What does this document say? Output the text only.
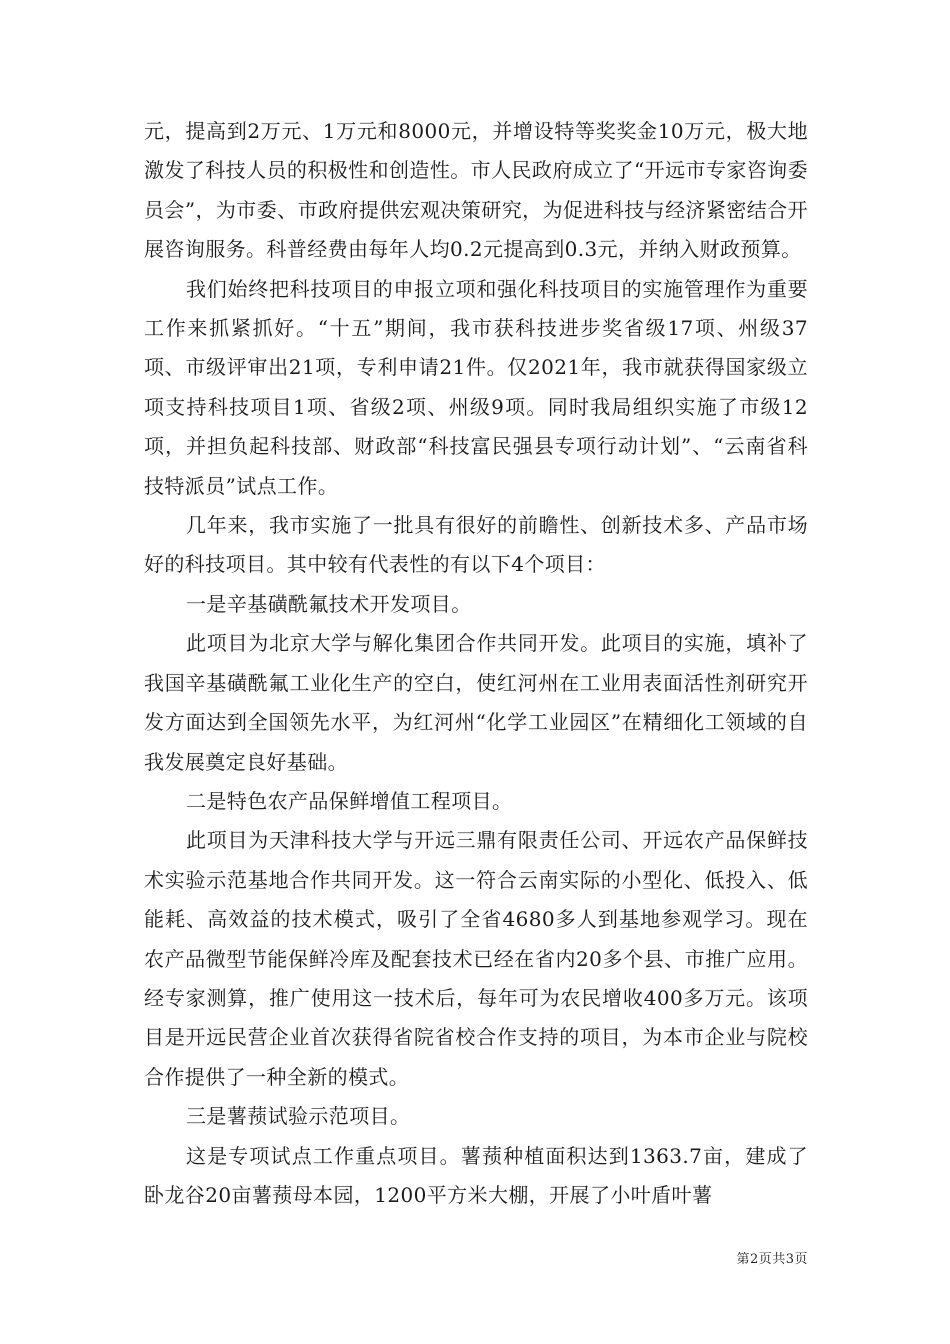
元，提高到2万元、1万元和8000元，并增设特等奖奖金10万元，极大地激发了科技人员的积极性和创造性。市人民政府成立了“开远市专家咨询委员会”，为市委、市政府提供宏观决策研究，为促进科技与经济紧密结合开展咨询服务。科普经费由每年人均0.2元提高到0.3元，并纳入财政预算。

我们始终把科技项目的申报立项和强化科技项目的实施管理作为重要工作来抓紧抓好。“十五”期间，我市获科技进步奖省级17项、州级37项、市级评审出21项，专利申请21件。仅2021年，我市就获得国家级立项支持科技项目1项、省级2项、州级9项。同时我局组织实施了市级12项，并担负起科技部、财政部“科技富民强县专项行动计划”、“云南省科技特派员”试点工作。

几年来，我市实施了一批具有很好的前瞻性、创新技术多、产品市场好的科技项目。其中较有代表性的有以下4个项目：

一是辛基磺酰氟技术开发项目。

此项目为北京大学与解化集团合作共同开发。此项目的实施，填补了我国辛基磺酰氟工业化生产的空白，使红河州在工业用表面活性剂研究开发方面达到全国领先水平，为红河州“化学工业园区”在精细化工领域的自我发展奠定良好基础。

二是特色农产品保鲜增值工程项目。

此项目为天津科技大学与开远三鼎有限责任公司、开远农产品保鲜技术实验示范基地合作共同开发。这一符合云南实际的小型化、低投入、低能耗、高效益的技术模式，吸引了全省4680多人到基地参观学习。现在农产品微型节能保鲜冷库及配套技术已经在省内20多个县、市推广应用。经专家测算，推广使用这一技术后，每年可为农民增收400多万元。该项目是开远民营企业首次获得省院省校合作支持的项目，为本市企业与院校合作提供了一种全新的模式。

三是薯蓣试验示范项目。

这是专项试点工作重点项目。薯蓣种植面积达到1363.7亩，建成了卧龙谷20亩薯蓣母本园，1200平方米大棚，开展了小叶盾叶薯

第2页共3页
